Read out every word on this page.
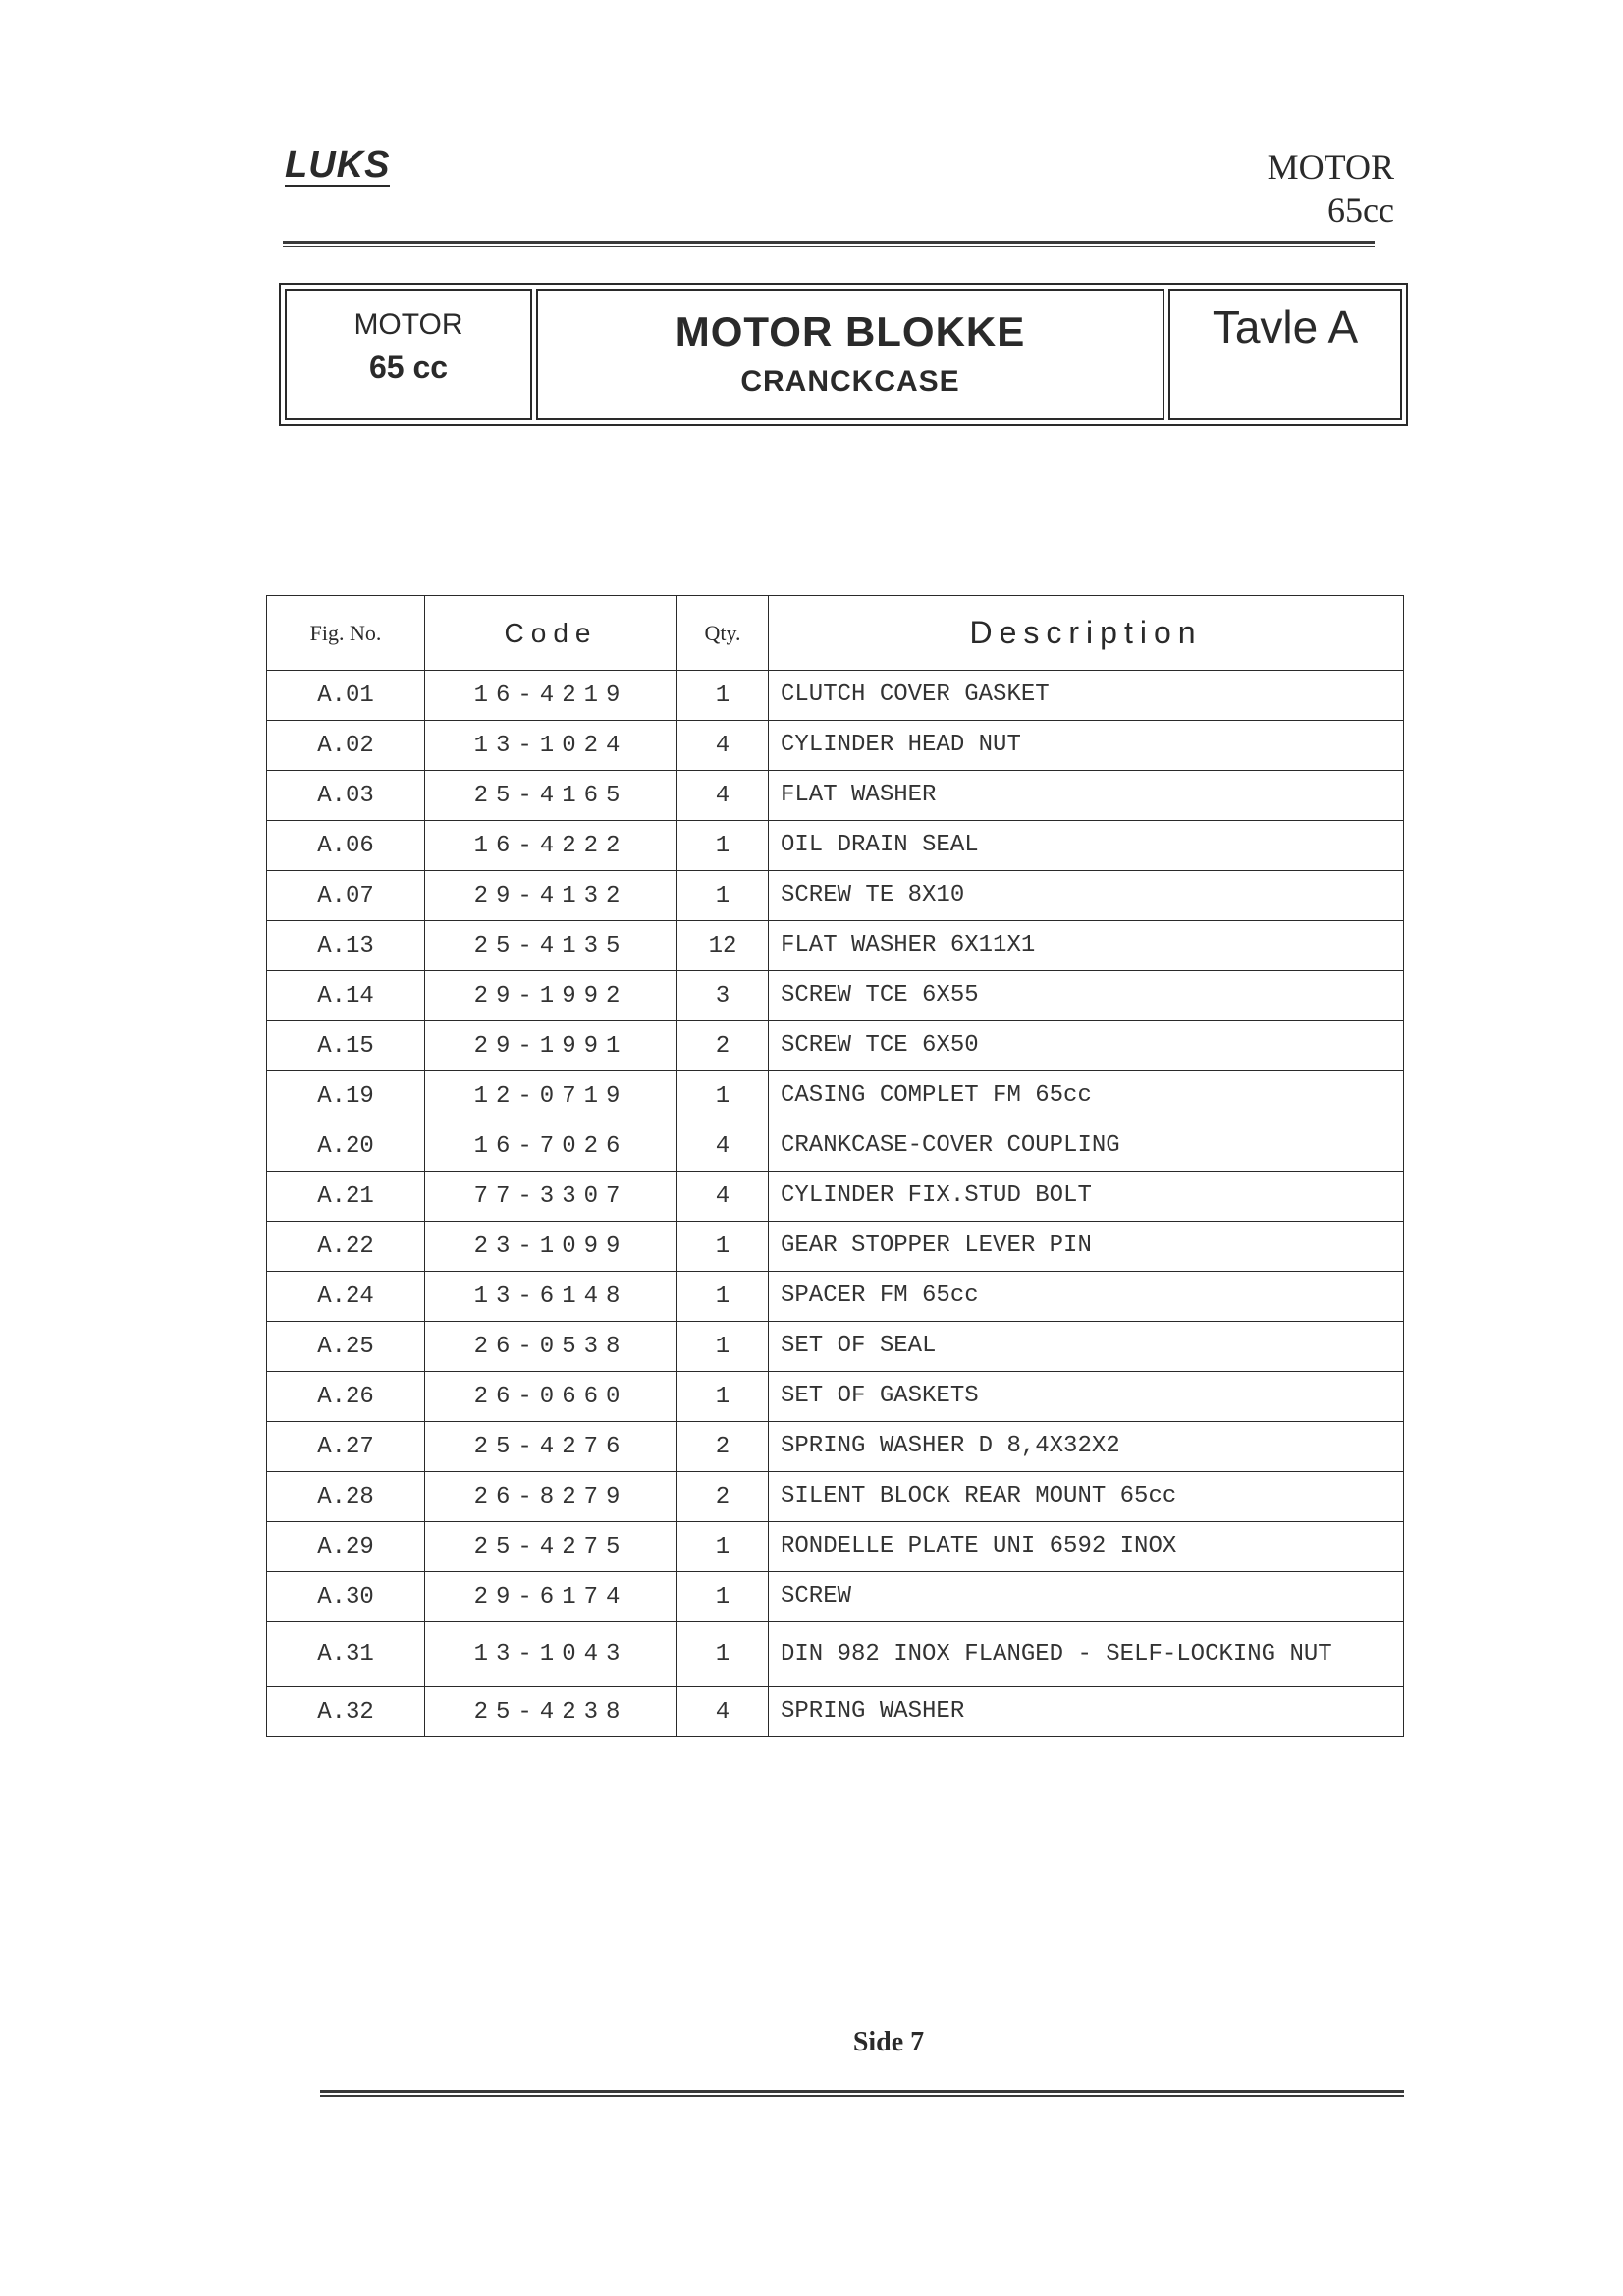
LUKS	MOTOR
65cc
MOTOR
65 cc
MOTOR BLOKKE
CRANCKCASE
Tavle A
Fig. No.	Code	Qty.	Description
A.01	16-4219	1	CLUTCH COVER GASKET
A.02	13-1024	4	CYLINDER HEAD NUT
A.03	25-4165	4	FLAT WASHER
A.06	16-4222	1	OIL DRAIN SEAL
A.07	29-4132	1	SCREW TE 8X10
A.13	25-4135	12	FLAT WASHER 6X11X1
A.14	29-1992	3	SCREW TCE 6X55
A.15	29-1991	2	SCREW TCE 6X50
A.19	12-0719	1	CASING COMPLET FM 65cc
A.20	16-7026	4	CRANKCASE-COVER COUPLING
A.21	77-3307	4	CYLINDER FIX.STUD BOLT
A.22	23-1099	1	GEAR STOPPER LEVER PIN
A.24	13-6148	1	SPACER FM 65cc
A.25	26-0538	1	SET OF SEAL
A.26	26-0660	1	SET OF GASKETS
A.27	25-4276	2	SPRING WASHER D 8,4X32X2
A.28	26-8279	2	SILENT BLOCK REAR MOUNT 65cc
A.29	25-4275	1	RONDELLE PLATE UNI 6592 INOX
A.30	29-6174	1	SCREW
A.31	13-1043	1	DIN 982 INOX FLANGED - SELF-LOCKING NUT
A.32	25-4238	4	SPRING WASHER
Side 7
